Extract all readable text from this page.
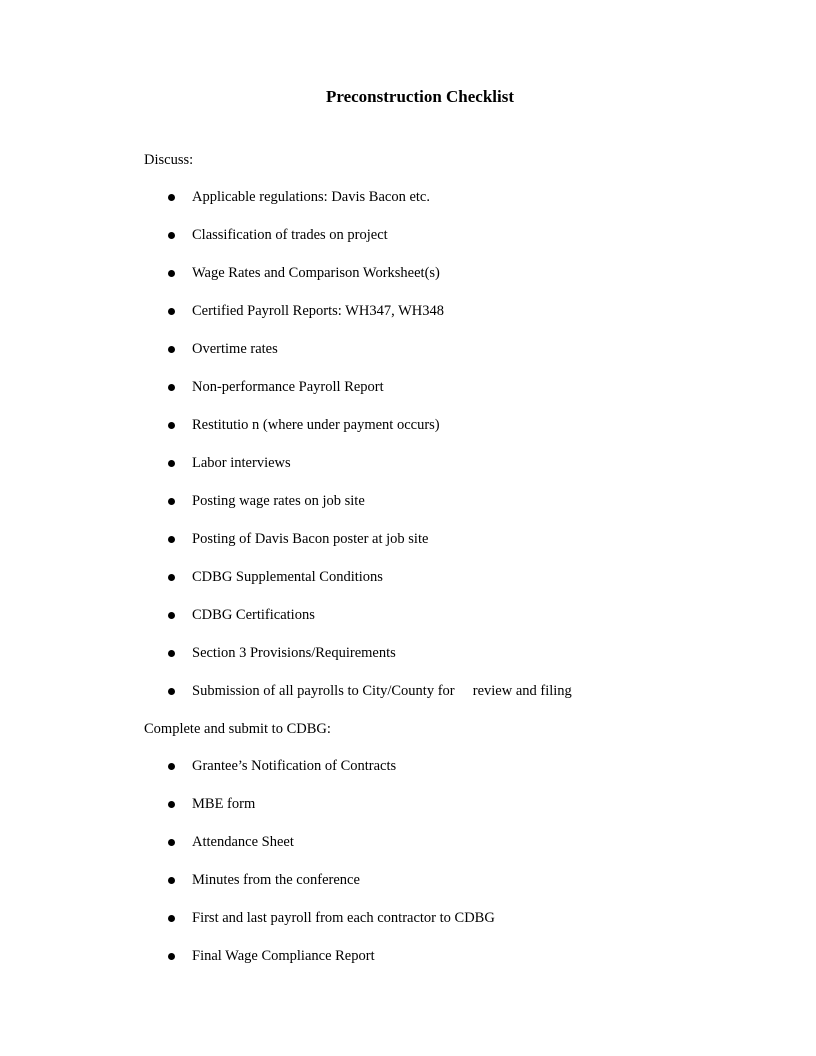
Preconstruction Checklist
Discuss:
Applicable regulations: Davis Bacon etc.
Classification of trades on project
Wage Rates and Comparison Worksheet(s)
Certified Payroll Reports: WH347, WH348
Overtime rates
Non-performance Payroll Report
Restitutio n (where under payment occurs)
Labor interviews
Posting wage rates on job site
Posting of Davis Bacon poster at job site
CDBG Supplemental Conditions
CDBG Certifications
Section 3 Provisions/Requirements
Submission of all payrolls to City/County for     review and filing
Complete and submit to CDBG:
Grantee’s Notification of Contracts
MBE form
Attendance Sheet
Minutes from the conference
First and last payroll from each contractor to CDBG
Final Wage Compliance Report
